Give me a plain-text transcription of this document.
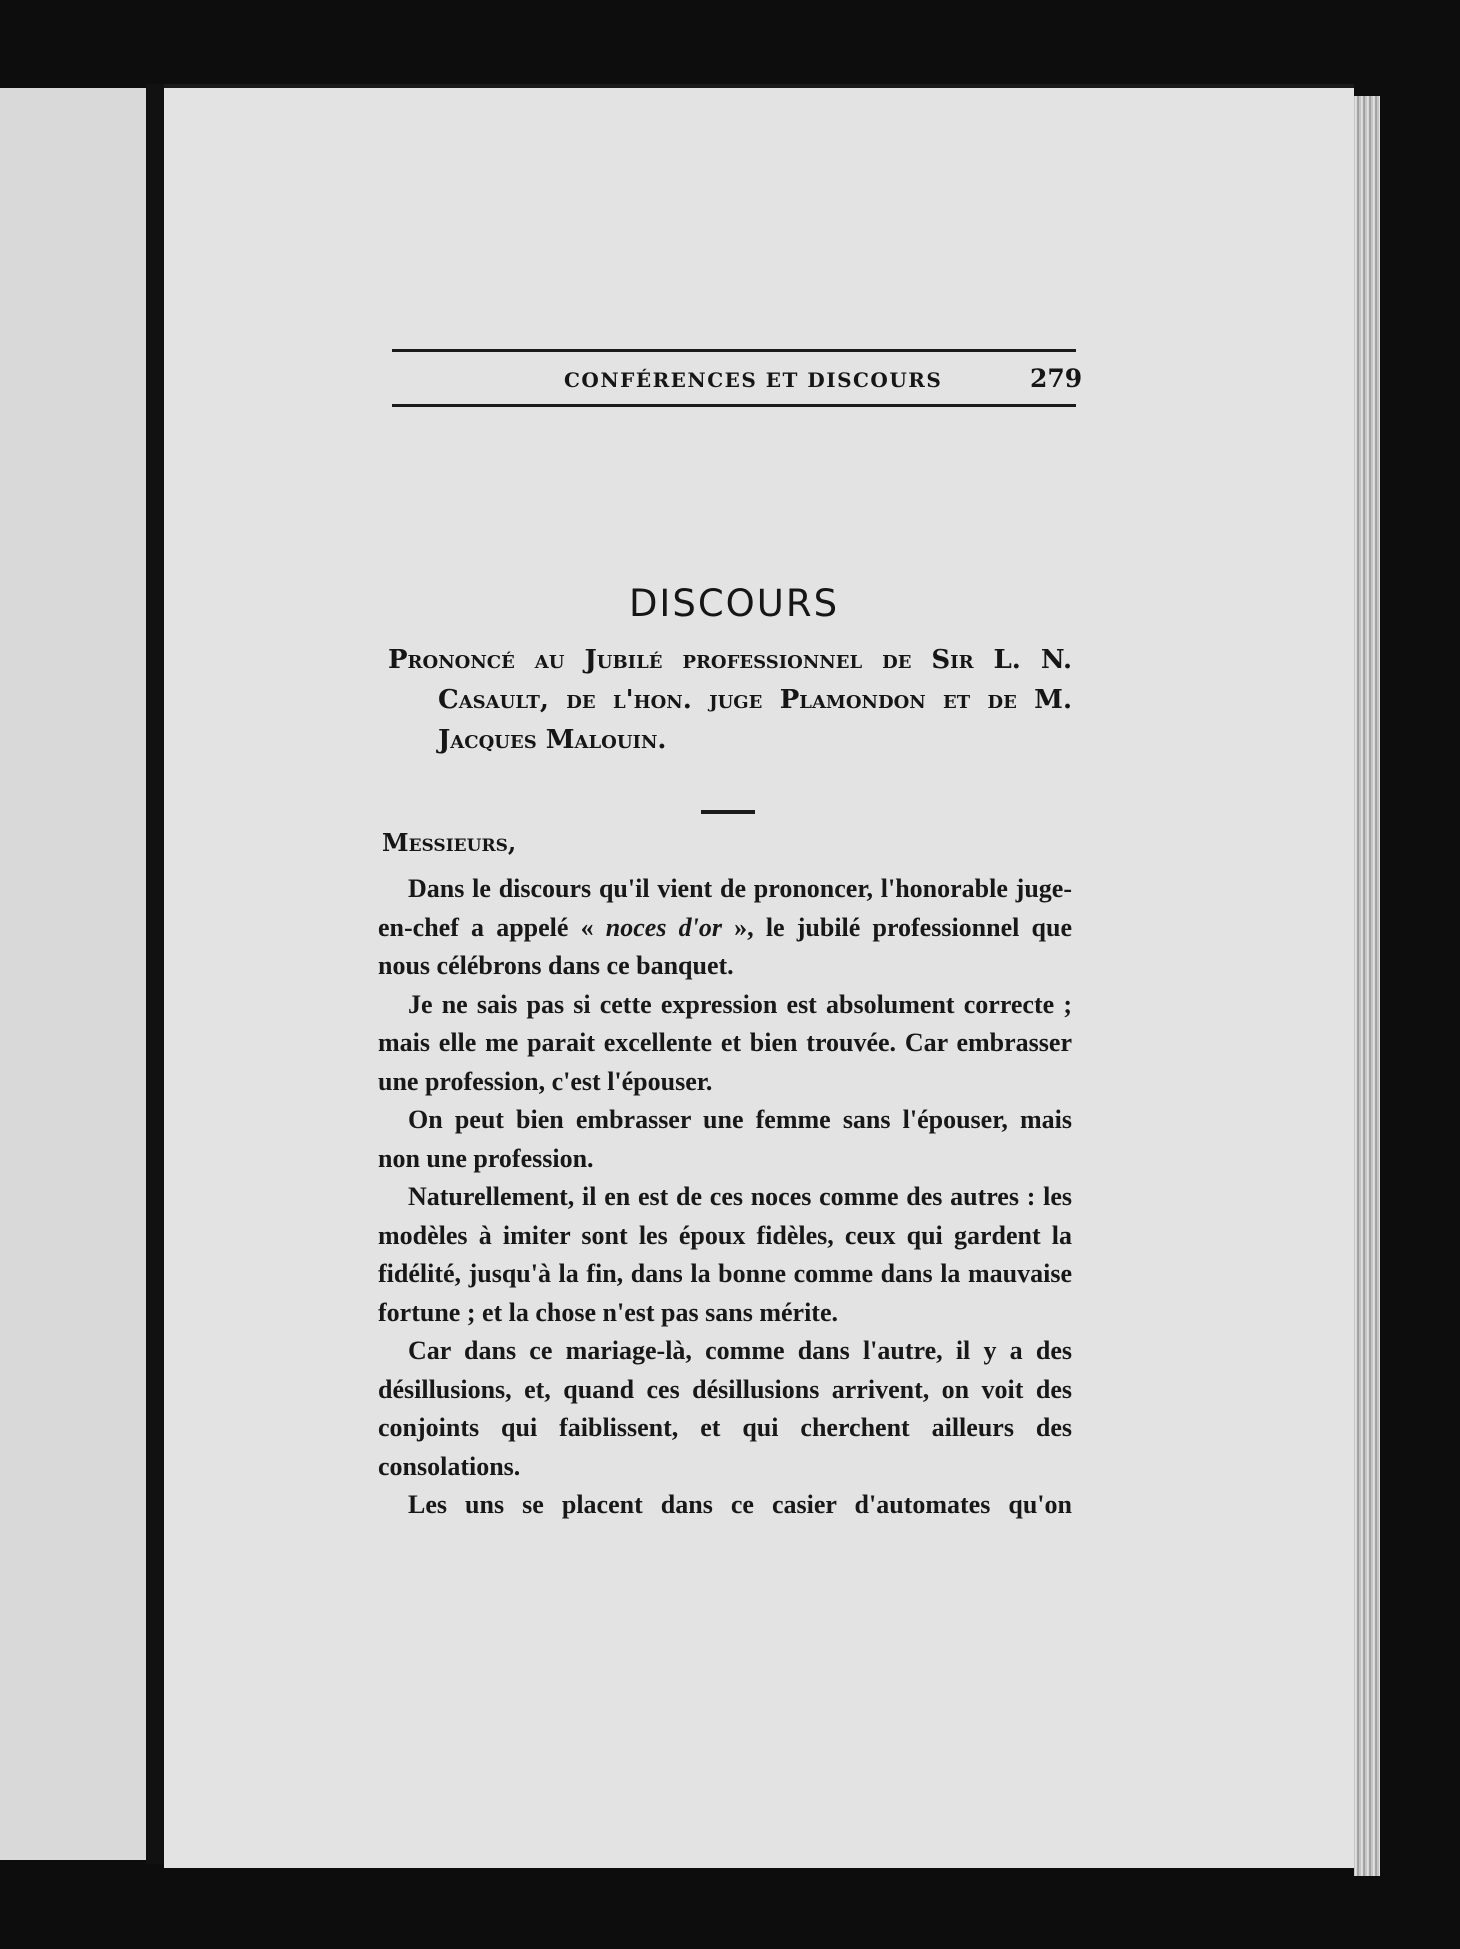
CONFÉRENCES ET DISCOURS	279
DISCOURS
Prononcé au Jubilé professionnel de Sir L. N.
Casault, de l'hon. juge Plamondon et de M.
Jacques Malouin.
Messieurs,

Dans le discours qu'il vient de prononcer, l'honorable juge-en-chef a appelé « noces d'or », le jubilé professionnel que nous célébrons dans ce banquet.

Je ne sais pas si cette expression est absolument correcte ; mais elle me parait excellente et bien trouvée. Car embrasser une profession, c'est l'épouser.

On peut bien embrasser une femme sans l'épouser, mais non une profession.

Naturellement, il en est de ces noces comme des autres : les modèles à imiter sont les époux fidèles, ceux qui gardent la fidélité, jusqu'à la fin, dans la bonne comme dans la mauvaise fortune ; et la chose n'est pas sans mérite.

Car dans ce mariage-là, comme dans l'autre, il y a des désillusions, et, quand ces désillusions arrivent, on voit des conjoints qui faiblissent, et qui cherchent ailleurs des consolations.

Les uns se placent dans ce casier d'automates qu'on
